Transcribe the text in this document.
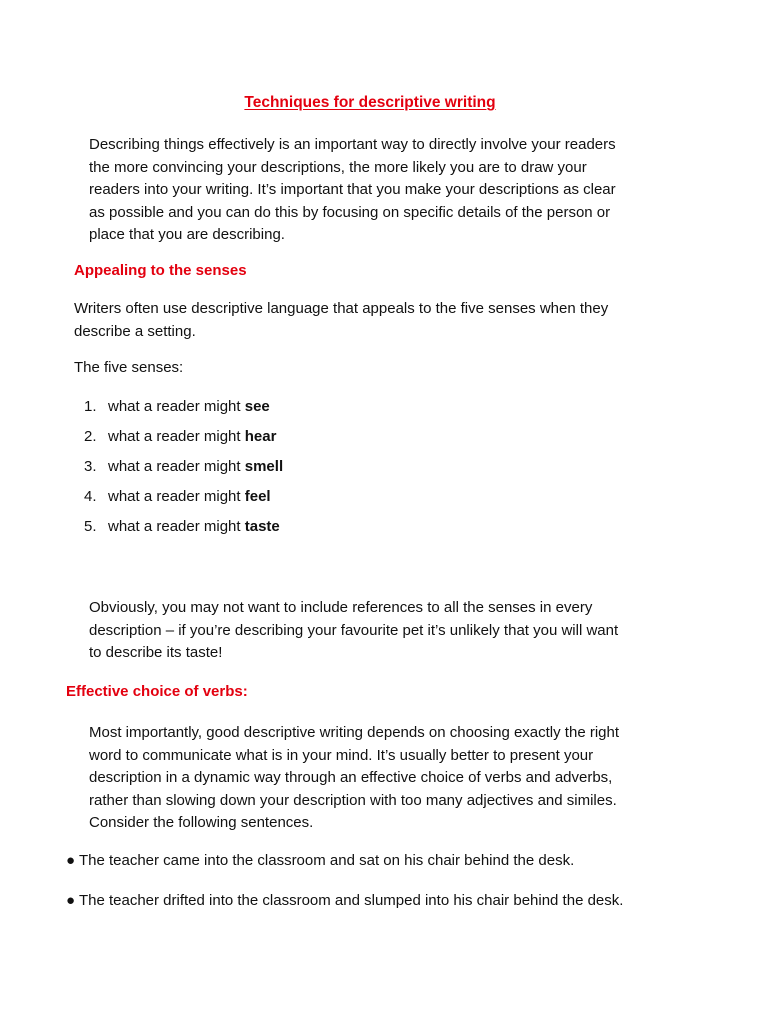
Techniques for descriptive writing
Describing things effectively is an important way to directly involve your readers
the more convincing your descriptions, the more likely you are to draw your
readers into your writing. It’s important that you make your descriptions as clear
as possible and you can do this by focusing on specific details of the person or
place that you are describing.
Appealing to the senses
Writers often use descriptive language that appeals to the five senses when they
describe a setting.
The five senses:
1. what a reader might see
2. what a reader might hear
3. what a reader might smell
4. what a reader might feel
5. what a reader might taste
Obviously, you may not want to include references to all the senses in every
description – if you’re describing your favourite pet it’s unlikely that you will want
to describe its taste!
Effective choice of verbs:
Most importantly, good descriptive writing depends on choosing exactly the right
word to communicate what is in your mind. It’s usually better to present your
description in a dynamic way through an effective choice of verbs and adverbs,
rather than slowing down your description with too many adjectives and similes.
Consider the following sentences.
● The teacher came into the classroom and sat on his chair behind the desk.
● The teacher drifted into the classroom and slumped into his chair behind the desk.
